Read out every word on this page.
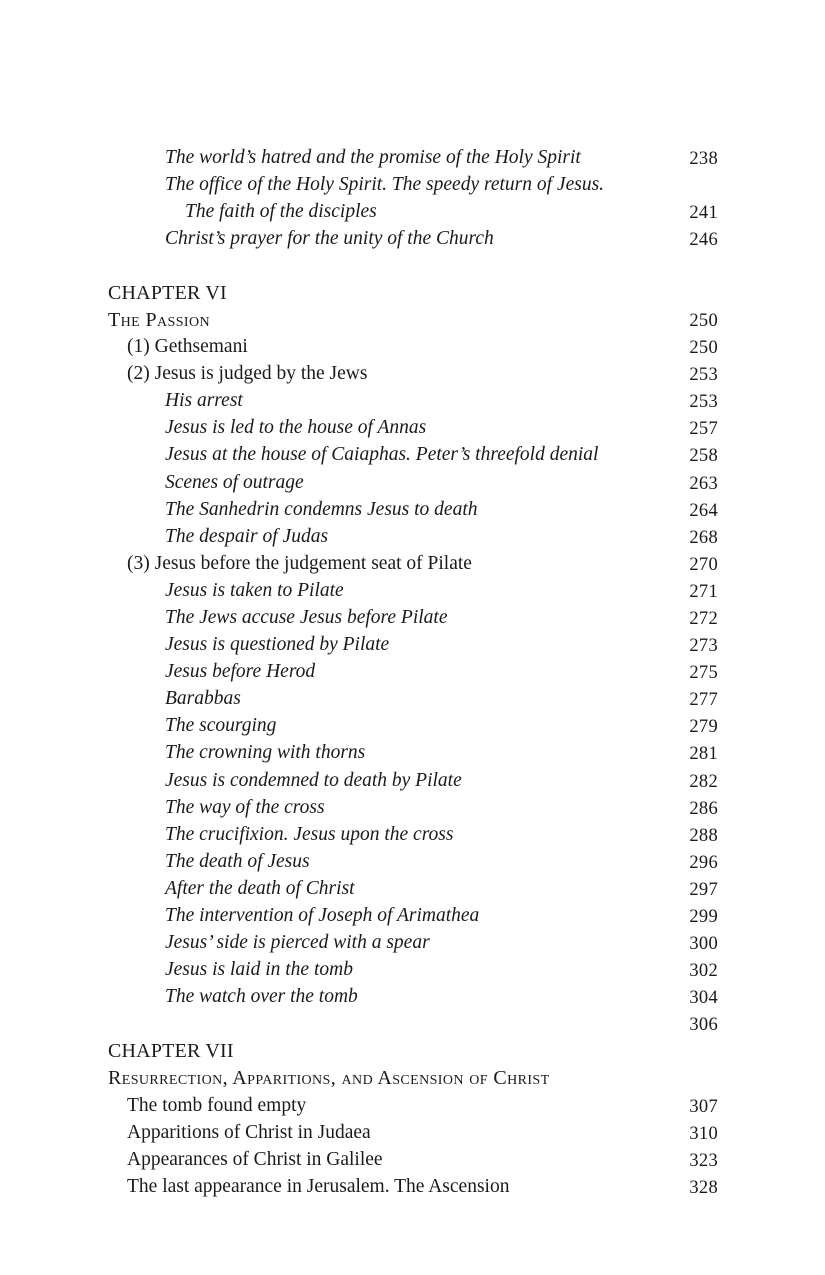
The world’s hatred and the promise of the Holy Spirit	238
The office of the Holy Spirit. The speedy return of Jesus.
The faith of the disciples	241
Christ’s prayer for the unity of the Church	246
CHAPTER VI
The Passion	250
(1) Gethsemani	250
(2) Jesus is judged by the Jews	253
His arrest	253
Jesus is led to the house of Annas	257
Jesus at the house of Caiaphas. Peter’s threefold denial	258
Scenes of outrage	263
The Sanhedrin condemns Jesus to death	264
The despair of Judas	268
(3) Jesus before the judgement seat of Pilate	270
Jesus is taken to Pilate	271
The Jews accuse Jesus before Pilate	272
Jesus is questioned by Pilate	273
Jesus before Herod	275
Barabbas	277
The scourging	279
The crowning with thorns	281
Jesus is condemned to death by Pilate	282
The way of the cross	286
The crucifixion. Jesus upon the cross	288
The death of Jesus	296
After the death of Christ	297
The intervention of Joseph of Arimathea	299
Jesus’ side is pierced with a spear	300
Jesus is laid in the tomb	302
The watch over the tomb	304
306
CHAPTER VII
Resurrection, Apparitions, and Ascension of Christ
The tomb found empty	307
Apparitions of Christ in Judaea	310
Appearances of Christ in Galilee	323
The last appearance in Jerusalem. The Ascension	328
